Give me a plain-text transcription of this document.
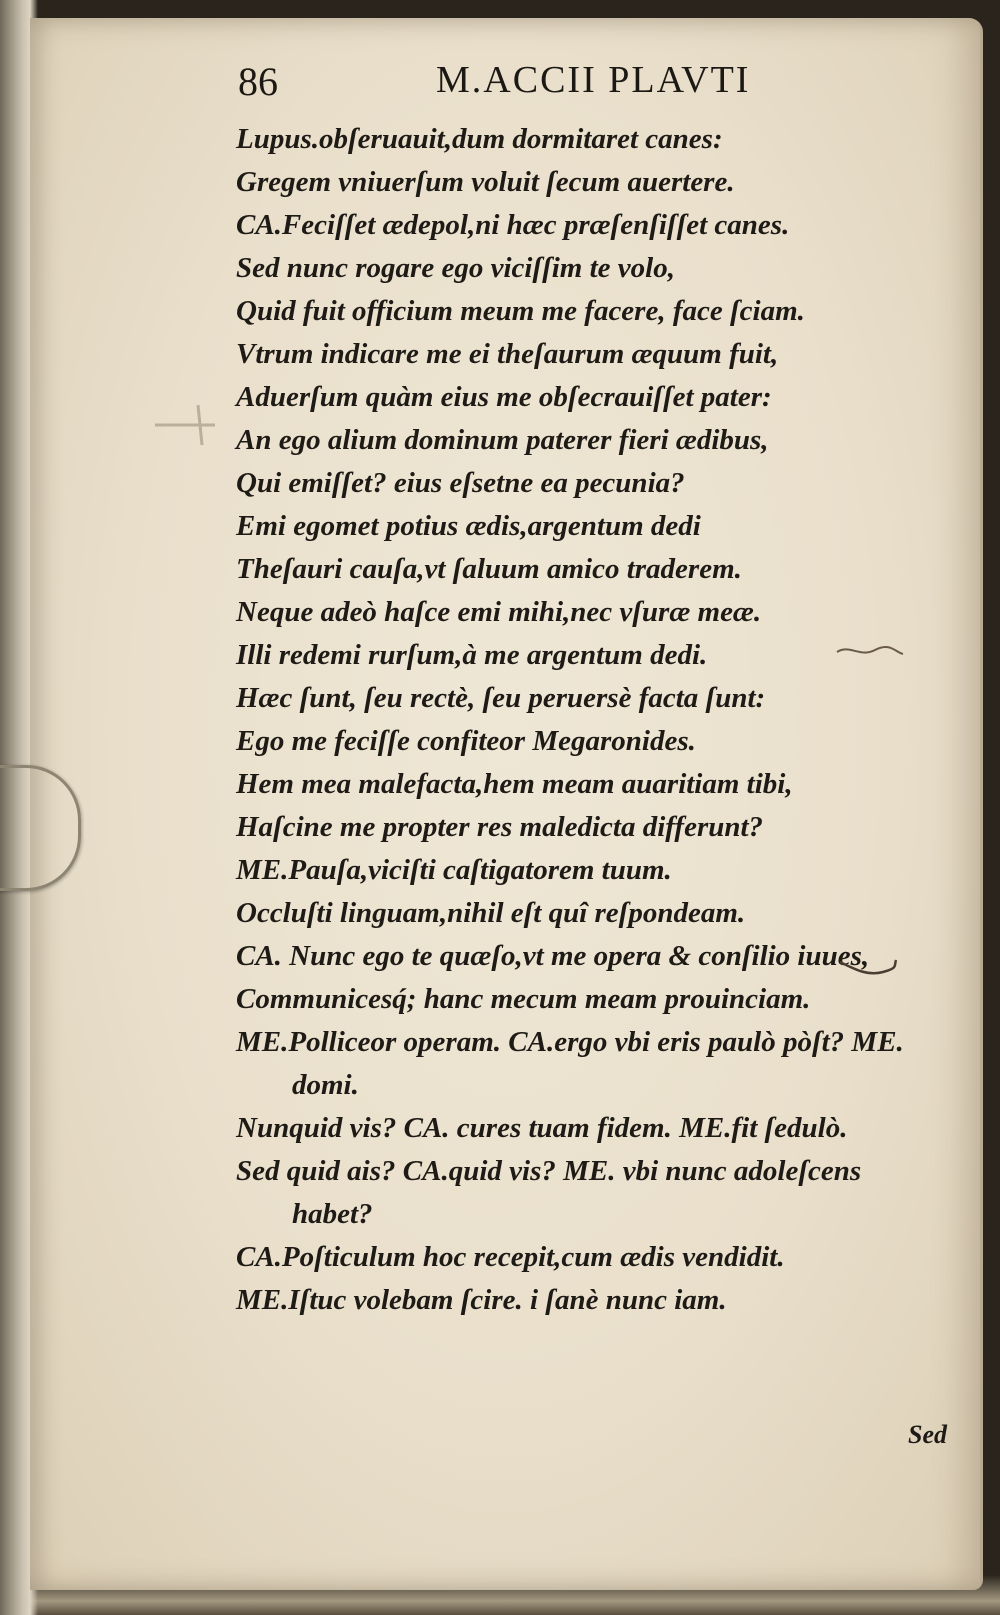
86	M.ACCII PLAVTI
Lupus.obſeruauit,dum dormitaret canes:
Gregem vniuerſum voluit ſecum auertere.
CA.Feciſſet ædepol,ni hæc præſenſiſſet canes.
Sed nunc rogare ego viciſſim te volo,
Quid fuit officium meum me facere, face ſciam.
Vtrum indicare me ei theſaurum æquum fuit,
Aduerſum quàm eius me obſecrauiſſet pater:
An ego alium dominum paterer fieri ædibus,
Qui emiſſet? eius eſsetne ea pecunia?
Emi egomet potius ædis,argentum dedi
Theſauri cauſa,vt ſaluum amico traderem.
Neque adeò haſce emi mihi,nec vſuræ meæ.
Illi redemi rurſum,à me argentum dedi.
Hæc ſunt, ſeu rectè, ſeu peruersè facta ſunt:
Ego me feciſſe confiteor Megaronides.
Hem mea malefacta,hem meam auaritiam tibi,
Haſcine me propter res maledicta differunt?
ME.Pauſa,viciſti caſtigatorem tuum.
Occluſti linguam,nihil eſt quî reſpondeam.
CA. Nunc ego te quæſo,vt me opera & conſilio iuues,
Communicesq́; hanc mecum meam prouinciam.
ME.Polliceor operam. CA.ergo vbi eris paulò pòſt? ME.
domi.
Nunquid vis? CA. cures tuam fidem. ME.fit ſedulò.
Sed quid ais? CA.quid vis? ME. vbi nunc adoleſcens
habet?
CA.Poſticulum hoc recepit,cum ædis vendidit.
ME.Iſtuc volebam ſcire. i ſanè nunc iam.
Sed
